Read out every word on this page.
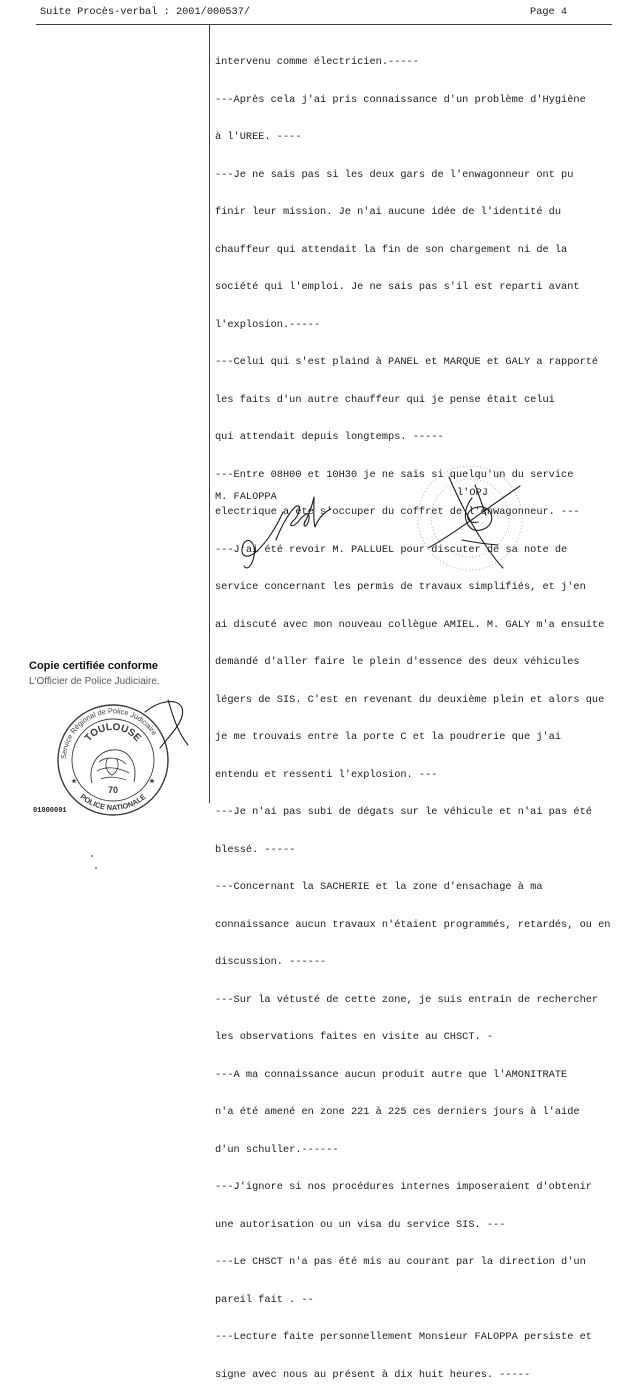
Suite Procès-verbal : 2001/000537/	Page 4

intervenu comme électricien.-----

---Après cela j'ai pris connaissance d'un problème d'Hygiène

à l'UREE. ----

---Je ne sais pas si les deux gars de l'enwagonneur ont pu

finir leur mission. Je n'ai aucune idée de l'identité du

chauffeur qui attendait la fin de son chargement ni de la

société qui l'emploi. Je ne sais pas s'il est reparti avant

l'explosion.-----

---Celui qui s'est plaind à PANEL et MARQUE et GALY a rapporté

les faits d'un autre chauffeur qui je pense était celui

qui attendait depuis longtemps. -----

---Entre 08H00 et 10H30 je ne sais si quelqu'un du service

electrique a été s'occuper du coffret de l'enwagonneur. ---

---J'ai été revoir M. PALLUEL pour discuter de sa note de

service concernant les permis de travaux simplifiés, et j'en

ai discuté avec mon nouveau collègue AMIEL. M. GALY m'a ensuite

demandé d'aller faire le plein d'essence des deux véhicules

légers de SIS. C'est en revenant du deuxième plein et alors que

je me trouvais entre la porte C et la poudrerie que j'ai

entendu et ressenti l'explosion. ---

---Je n'ai pas subi de dégats sur le véhicule et n'ai pas été

blessé. -----

---Concernant la SACHERIE et la zone d'ensachage à ma

connaissance aucun travaux n'étaient programmés, retardés, ou en

discussion. ------

---Sur la vétusté de cette zone, je suis entrain de rechercher

les observations faites en visite au CHSCT. -

---A ma connaissance aucun produit autre que l'AMONITRATE

n'a été amené en zone 221 à 225 ces derniers jours à l'aide

d'un schuller.------

---J'ignore si nos procédures internes imposeraient d'obtenir

une autorisation ou un visa du service SIS. ---

---Le CHSCT n'a pas été mis au courant par la direction d'un

pareil fait . --

---Lecture faite personnellement Monsieur FALOPPA persiste et

signe avec nous au présent à dix huit heures. -----

M. FALOPPA	l'OPJ
Copie certifiée conforme
L'Officier de Police Judiciaire.
01000091
Service Régional de Police Judiciaire
TOULOUSE
POLICE NATIONALE
70
